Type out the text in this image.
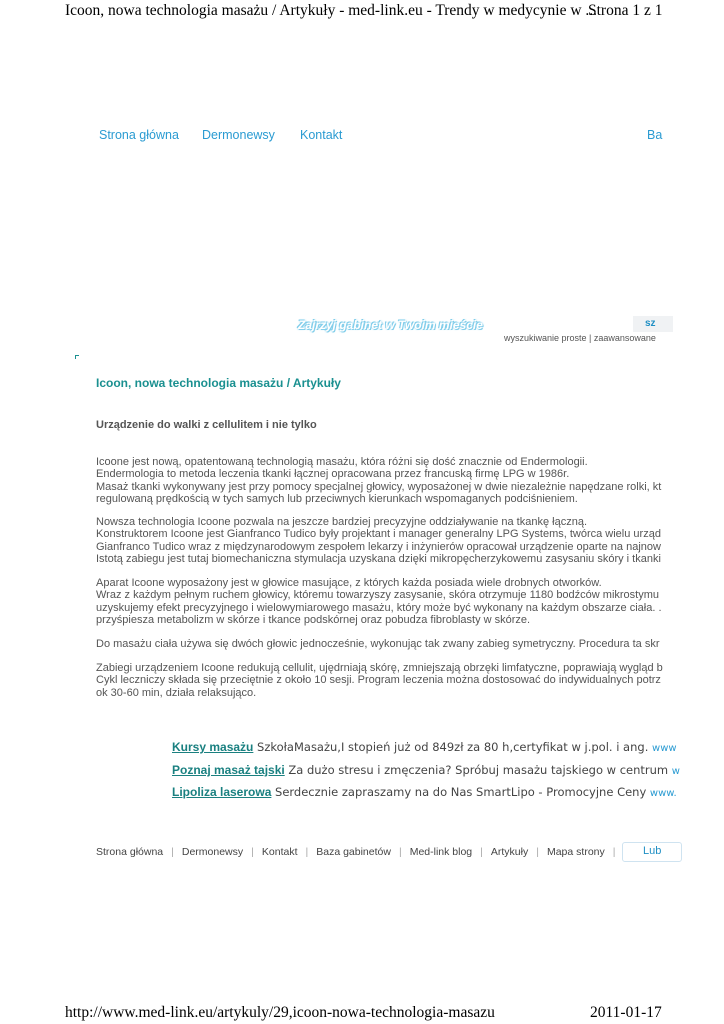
Icoon, nowa technologia masażu / Artykuły - med-link.eu - Trendy w medycynie w ...
Strona 1 z 1
Strona główna Dermonewsy Kontakt	Ba
Zajrzyj gabinet w Twoim mieście	sz
wyszukiwanie proste | zaawansowane
Icoon, nowa technologia masażu / Artykuły
Urządzenie do walki z cellulitem i nie tylko
Icoone jest nową, opatentowaną technologią masażu, która różni się dość znacznie od Endermologii.
Endermologia to metoda leczenia tkanki łącznej opracowana przez francuską firmę LPG w 1986r.
Masaż tkanki wykonywany jest przy pomocy specjalnej głowicy, wyposażonej w dwie niezależnie napędzane rolki, kt
regulowaną prędkością w tych samych lub przeciwnych kierunkach wspomaganych podciśnieniem.
Nowsza technologia Icoone pozwala na jeszcze bardziej precyzyjne oddziaływanie na tkankę łączną.
Konstruktorem Icoone jest Gianfranco Tudico były projektant i manager generalny LPG Systems, twórca wielu urząd
Gianfranco Tudico wraz z międzynarodowym zespołem lekarzy i inżynierów opracował urządzenie oparte na najnow
Istotą zabiegu jest tutaj biomechaniczna stymulacja uzyskana dzięki mikropęcherzykowemu zasysaniu skóry i tkanki
Aparat Icoone wyposażony jest w głowice masujące, z których każda posiada wiele drobnych otworków.
Wraz z każdym pełnym ruchem głowicy, któremu towarzyszy zasysanie, skóra otrzymuje 1180 bodźców mikrostymu
uzyskujemy efekt precyzyjnego i wielowymiarowego masażu, który może być wykonany na każdym obszarze ciała. .
przyśpiesza metabolizm w skórze i tkance podskórnej oraz pobudza fibroblasty w skórze.
Do masażu ciała używa się dwóch głowic jednocześnie, wykonując tak zwany zabieg symetryczny. Procedura ta skr
Zabiegi urządzeniem Icoone redukują cellulit, ujędrniają skórę, zmniejszają obrzęki limfatyczne, poprawiają wygląd b
Cykl leczniczy składa się przeciętnie z około 10 sesji. Program leczenia można dostosować do indywidualnych potrz
ok 30-60 min, działa relaksująco.
Kursy masażu SzkołaMasażu,I stopień już od 849zł za 80 h,certyfikat w j.pol. i ang. www
Poznaj masaż tajski Za dużo stresu i zmęczenia? Spróbuj masażu tajskiego w centrum w
Lipoliza laserowa Serdecznie zapraszamy na do Nas SmartLipo - Promocyjne Ceny www.
Strona główna | Dermonewsy | Kontakt | Baza gabinetów | Med-link blog | Artykuły | Mapa strony |	Lub
http://www.med-link.eu/artykuly/29,icoon-nowa-technologia-masazu	2011-01-17
